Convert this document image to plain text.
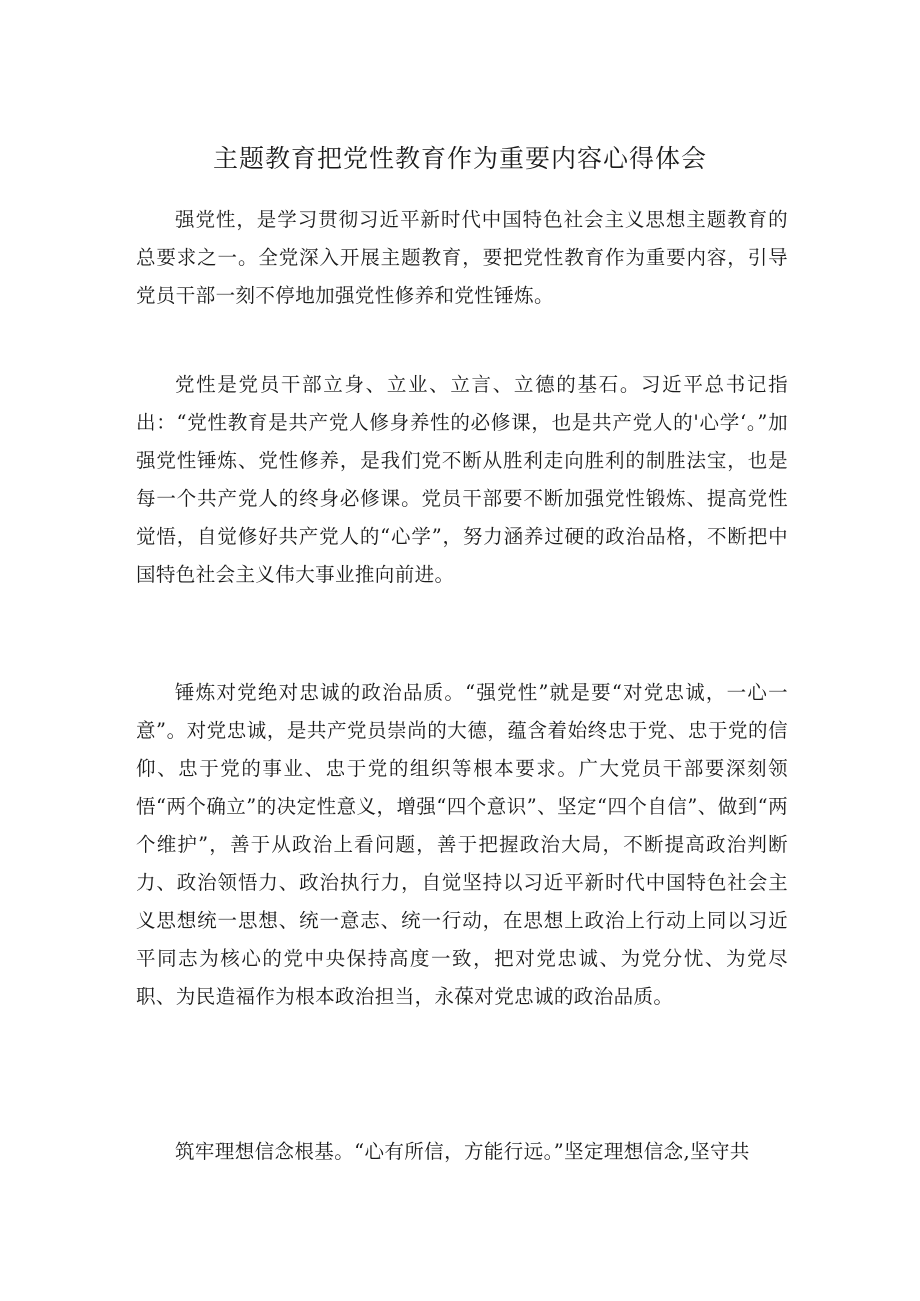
主题教育把党性教育作为重要内容心得体会

强党性，是学习贯彻习近平新时代中国特色社会主义思想主题教育的总要求之一。全党深入开展主题教育，要把党性教育作为重要内容，引导党员干部一刻不停地加强党性修养和党性锤炼。

党性是党员干部立身、立业、立言、立德的基石。习近平总书记指出：“党性教育是共产党人修身养性的必修课，也是共产党人的'心学‘。”加强党性锤炼、党性修养，是我们党不断从胜利走向胜利的制胜法宝，也是每一个共产党人的终身必修课。党员干部要不断加强党性锻炼、提高党性觉悟，自觉修好共产党人的“心学”，努力涵养过硬的政治品格，不断把中国特色社会主义伟大事业推向前进。

锤炼对党绝对忠诚的政治品质。“强党性”就是要“对党忠诚，一心一意”。对党忠诚，是共产党员崇尚的大德，蕴含着始终忠于党、忠于党的信仰、忠于党的事业、忠于党的组织等根本要求。广大党员干部要深刻领悟“两个确立”的决定性意义，增强“四个意识”、坚定“四个自信”、做到“两个维护”，善于从政治上看问题，善于把握政治大局，不断提高政治判断力、政治领悟力、政治执行力，自觉坚持以习近平新时代中国特色社会主义思想统一思想、统一意志、统一行动，在思想上政治上行动上同以习近平同志为核心的党中央保持高度一致，把对党忠诚、为党分忧、为党尽职、为民造福作为根本政治担当，永葆对党忠诚的政治品质。

筑牢理想信念根基。“心有所信，方能行远。”坚定理想信念,坚守共
